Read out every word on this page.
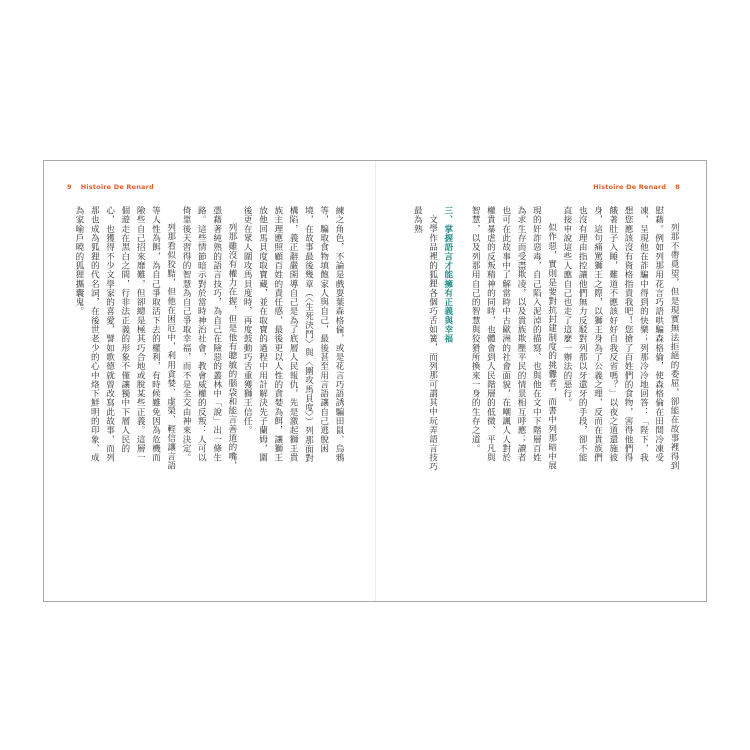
9 Histoire De Renard

練之角色，不論是戲耍葉森格倫，或是花言巧語誘騙田鼠、烏鴉等，騙取食物填飽家人與自己，最後甚至用言語讓自己逃脫困境，在故事最後幾章（〈生死決鬥〉與〈圍攻馬貝度〉）列那面對構陷，義正辭嚴開導自己是為了底層人民報仇，先是激起獅王貴族主理應照顧百姓的責任感，最後更以人性的貪婪為餌，讓獅王放他回馬貝度取寶藏，並在取寶的過程中用計解決先子蘭姆，圍後更在眾人圍攻馬貝度時，再度鼓動巧舌重獲獅王信任。

列那雖沒有權力在握，但是他有聰敏的腦袋和能言善道的嘴，憑藉著純熟的語言技巧，為自己在險惡的叢林中「說」出一條生路。這些情節暗示對於當時神治社會，教會威權的反叛：人可以倚靠後天習得的智慧為自己爭取幸福，而不是全交由神來決定。

列那看似狡黠，但他在困厄中，利用貪婪、虛榮、輕信讓言語等人性為餌，為自己爭取活下去的權利，有時候雖免因為危機而險些自己招來靡難，但卻總是極其巧合地或脫某些正義。這層一個遊走在黑白之間，行非法正義的形象不僅讓獨中下層人民的心，也獲得不少文學家的喜愛，譬如歌德就曾改寫此故事，而列那也成為狐狸的代名詞，在後世老少的心中烙下鮮明的印象，成為家喻戶曉的狐狸攜囊鬼。

Histoire De Renard 8

列那不帶覓望，但是現實無法拒絕的委屈，卻能在故事裡得到慰藉。例如列那用花言巧語哄騙森格倫，使森格倫在田間冷凍受凍，呈現他在詐騙中得到的快樂；列那冷冷地回答：「陛下，我想您應該沒有資格指責我吧！您搶了百姓們的食物，害得他們得餓著肚子入睡，難道不應該好好自我反省嗎？」以夜之道還施彼身，這句痛罵獅王之際，以獅王身為了公義之理，反而在貴族們也沒有理由指控讓他們無力反駁對列那以牙還牙的手段，卻不能直接申說這些人應自己也走了這麼一辦法的惡行。

似作惡，實則是要對抗封建制度的挑釁者，而書中列那暗中展現的奸詐惡毒，自己陷入泥淖的描寫、也與他在文中下階層百姓為求生存而受盡欺凌，以及貴族欺壓平民的情景相互呼應；讀者也可在此故事中了解當時中古歐洲的社會面貌，在嘲諷人人對於權貴暴虐的反叛精神的同時，也體會到人民階層的低微、平凡與智慧，以及列那用自己的智慧與狡猾所換來一身的生存之道。

三、掌握語言才能擁有正義與幸福

文學作品裡的狐狸各個巧舌如簧，而列那可謂其中玩弄語言技巧最為熟
